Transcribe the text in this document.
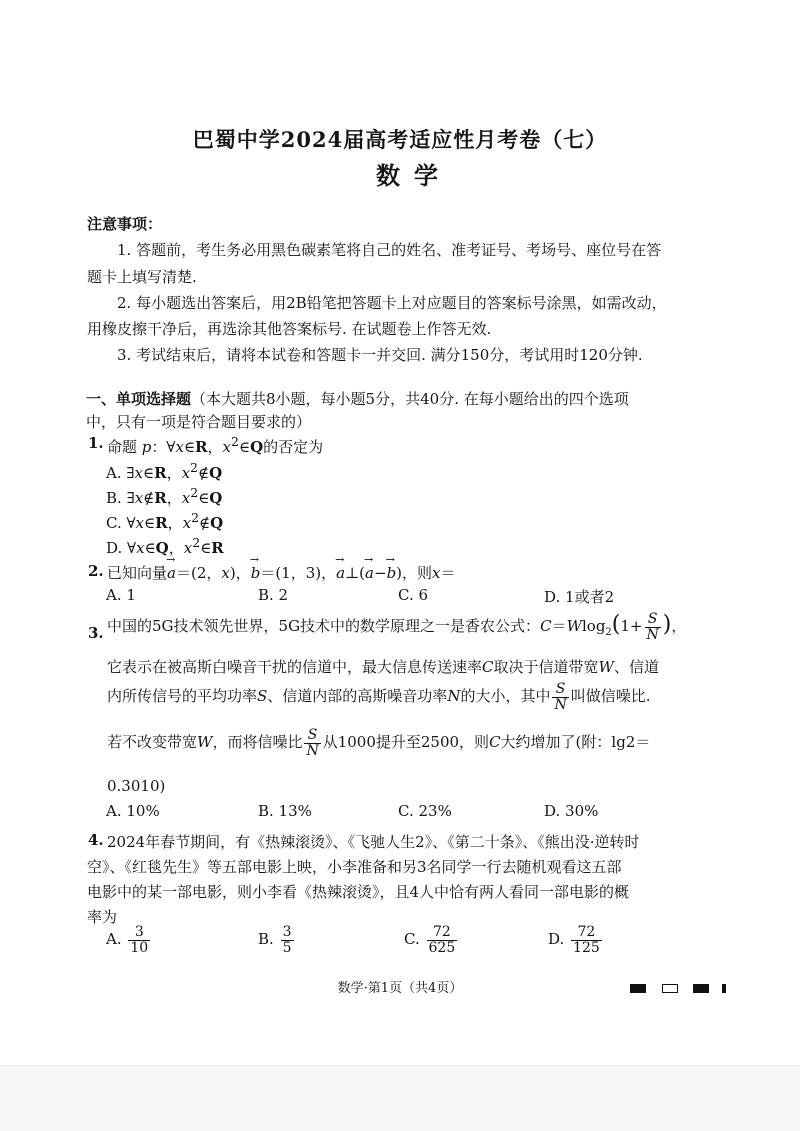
巴蜀中学2024届高考适应性月考卷（七）
数学
注意事项：
1. 答题前，考生务必用黑色碳素笔将自己的姓名、准考证号、考场号、座位号在答
题卡上填写清楚.
2. 每小题选出答案后，用2B铅笔把答题卡上对应题目的答案标号涂黑，如需改动，
用橡皮擦干净后，再选涂其他答案标号. 在试题卷上作答无效.
3. 考试结束后，请将本试卷和答题卡一并交回. 满分150分，考试用时120分钟.
一、单项选择题（本大题共8小题，每小题5分，共40分. 在每小题给出的四个选项
中，只有一项是符合题目要求的）
1. 命题 p：∀x∈R，$x^2\in Q$的否定为
A. ∃x∈R，$x^2\notin Q$
B. ∃x∉R，$x^2\in Q$
C. ∀x∈R，$x^2\notin Q$
D. ∀x∈Q，$x^2\in R$
2. 已知向量→ a＝(2，x)，→ b＝(1，3)，→ a⊥(→ a−→ b)，则x＝
A. 1	B. 2	C. 6	D. 1或者2
3. 中国的5G技术领先世界，5G技术中的数学原理之一是香农公式：$C=Wlog_2(1+ \frac{S}{N}$ )，
它表示在被高斯白噪音干扰的信道中，最大信息传送速率C取决于信道带宽W、信道
内所传信号的平均功率S、信道内部的高斯噪音功率N的大小，其中 $\frac{S}{N}$ 叫做信噪比.
若不改变带宽W，而将信噪比 $\frac{S}{N}$ 从1000提升至2500，则C大约增加了(附：lg2＝
0.3010)
A. 10%	B. 13%	C. 23%	D. 30%
4. 2024年春节期间，有《热辣滚烫》、《飞驰人生2》、《第二十条》、《熊出没·逆转时
空》、《红毯先生》等五部电影上映，小李准备和另3名同学一行去随机观看这五部
电影中的某一部电影，则小李看《热辣滚烫》，且4人中恰有两人看同一部电影的概
率为
A. $\frac{3}{10}$	B. $\frac{3}{5}$	C. $\frac{72}{625}$	D. $\frac{72}{125}$
数学·第1页（共4页）
